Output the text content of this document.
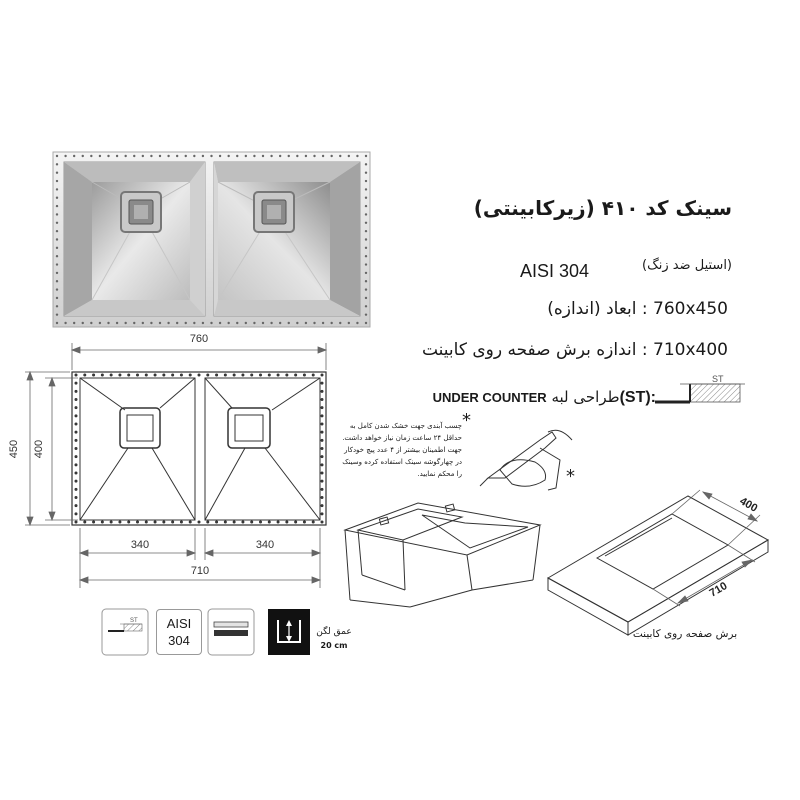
760
450 400
340	340
710
ST
*
400
710
ST
سینک کد ۴۱۰ (زیرکابینتی)
(استیل ضد زنگ)
AISI 304
760x450 : ابعاد (اندازه)
710x400 : اندازه برش صفحه روی کابینت
UNDER COUNTER طراحی لبه(ST):
*
چسب آبندی جهت خشک شدن کامل به حداقل ۲۴ ساعت زمان نیاز خواهد داشت. جهت اطمینان بیشتر از ۴ عدد پیچ خودکار در چهارگوشه سینک استفاده کرده وسینک را محکم نمایید.
برش صفحه روی کابینت
AISI
304
عمق لگن
20 cm
